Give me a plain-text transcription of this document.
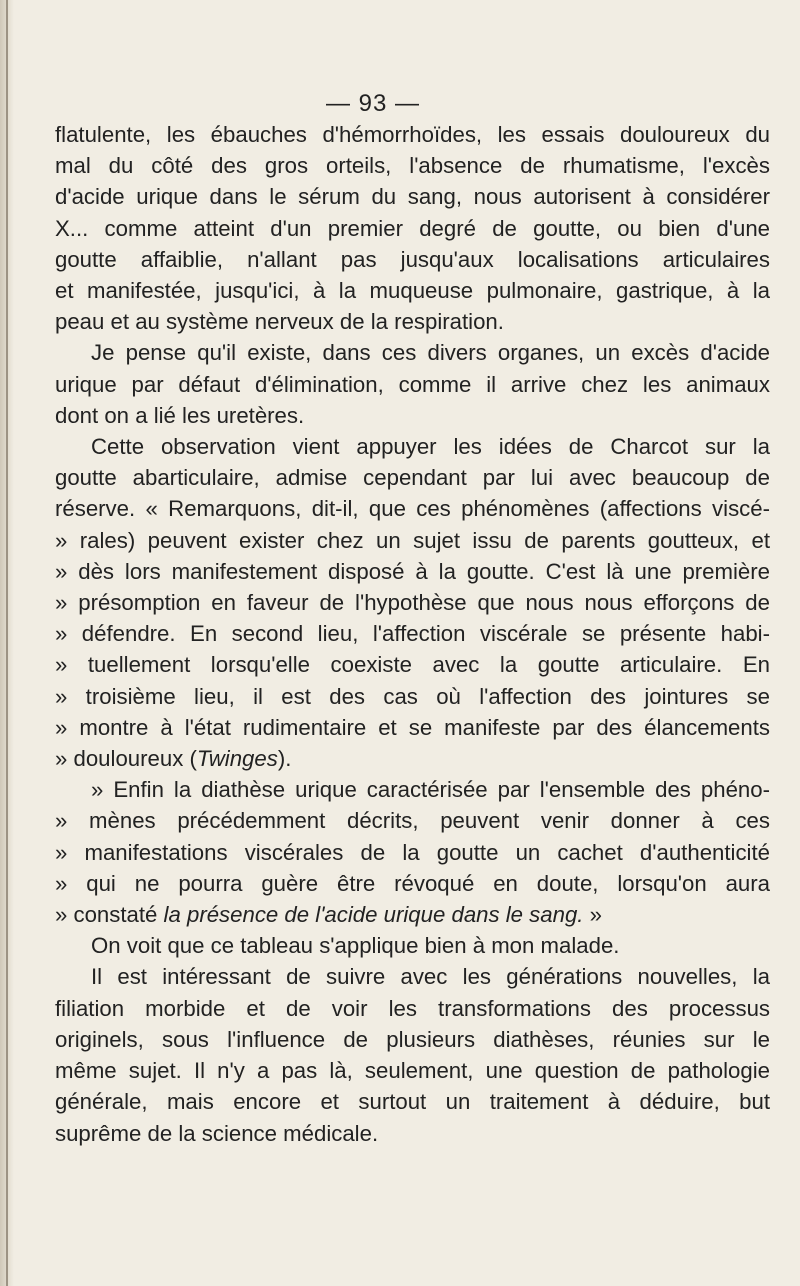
— 93 —
flatulente, les ébauches d'hémorrhoïdes, les essais douloureux du
mal du côté des gros orteils, l'absence de rhumatisme, l'excès
d'acide urique dans le sérum du sang, nous autorisent à considérer
X... comme atteint d'un premier degré de goutte, ou bien d'une
goutte affaiblie, n'allant pas jusqu'aux localisations articulaires
et manifestée, jusqu'ici, à la muqueuse pulmonaire, gastrique, à la
peau et au système nerveux de la respiration.
Je pense qu'il existe, dans ces divers organes, un excès d'acide
urique par défaut d'élimination, comme il arrive chez les animaux
dont on a lié les uretères.
Cette observation vient appuyer les idées de Charcot sur la
goutte abarticulaire, admise cependant par lui avec beaucoup de
réserve. « Remarquons, dit-il, que ces phénomènes (affections viscé-
» rales) peuvent exister chez un sujet issu de parents goutteux, et
» dès lors manifestement disposé à la goutte. C'est là une première
» présomption en faveur de l'hypothèse que nous nous efforçons de
» défendre. En second lieu, l'affection viscérale se présente habi-
» tuellement lorsqu'elle coexiste avec la goutte articulaire. En
» troisième lieu, il est des cas où l'affection des jointures se
» montre à l'état rudimentaire et se manifeste par des élancements
» douloureux (Twinges).
» Enfin la diathèse urique caractérisée par l'ensemble des phéno-
» mènes précédemment décrits, peuvent venir donner à ces
» manifestations viscérales de la goutte un cachet d'authenticité
» qui ne pourra guère être révoqué en doute, lorsqu'on aura
» constaté la présence de l'acide urique dans le sang. »
On voit que ce tableau s'applique bien à mon malade.
Il est intéressant de suivre avec les générations nouvelles, la
filiation morbide et de voir les transformations des processus
originels, sous l'influence de plusieurs diathèses, réunies sur le
même sujet. Il n'y a pas là, seulement, une question de pathologie
générale, mais encore et surtout un traitement à déduire, but
suprême de la science médicale.
